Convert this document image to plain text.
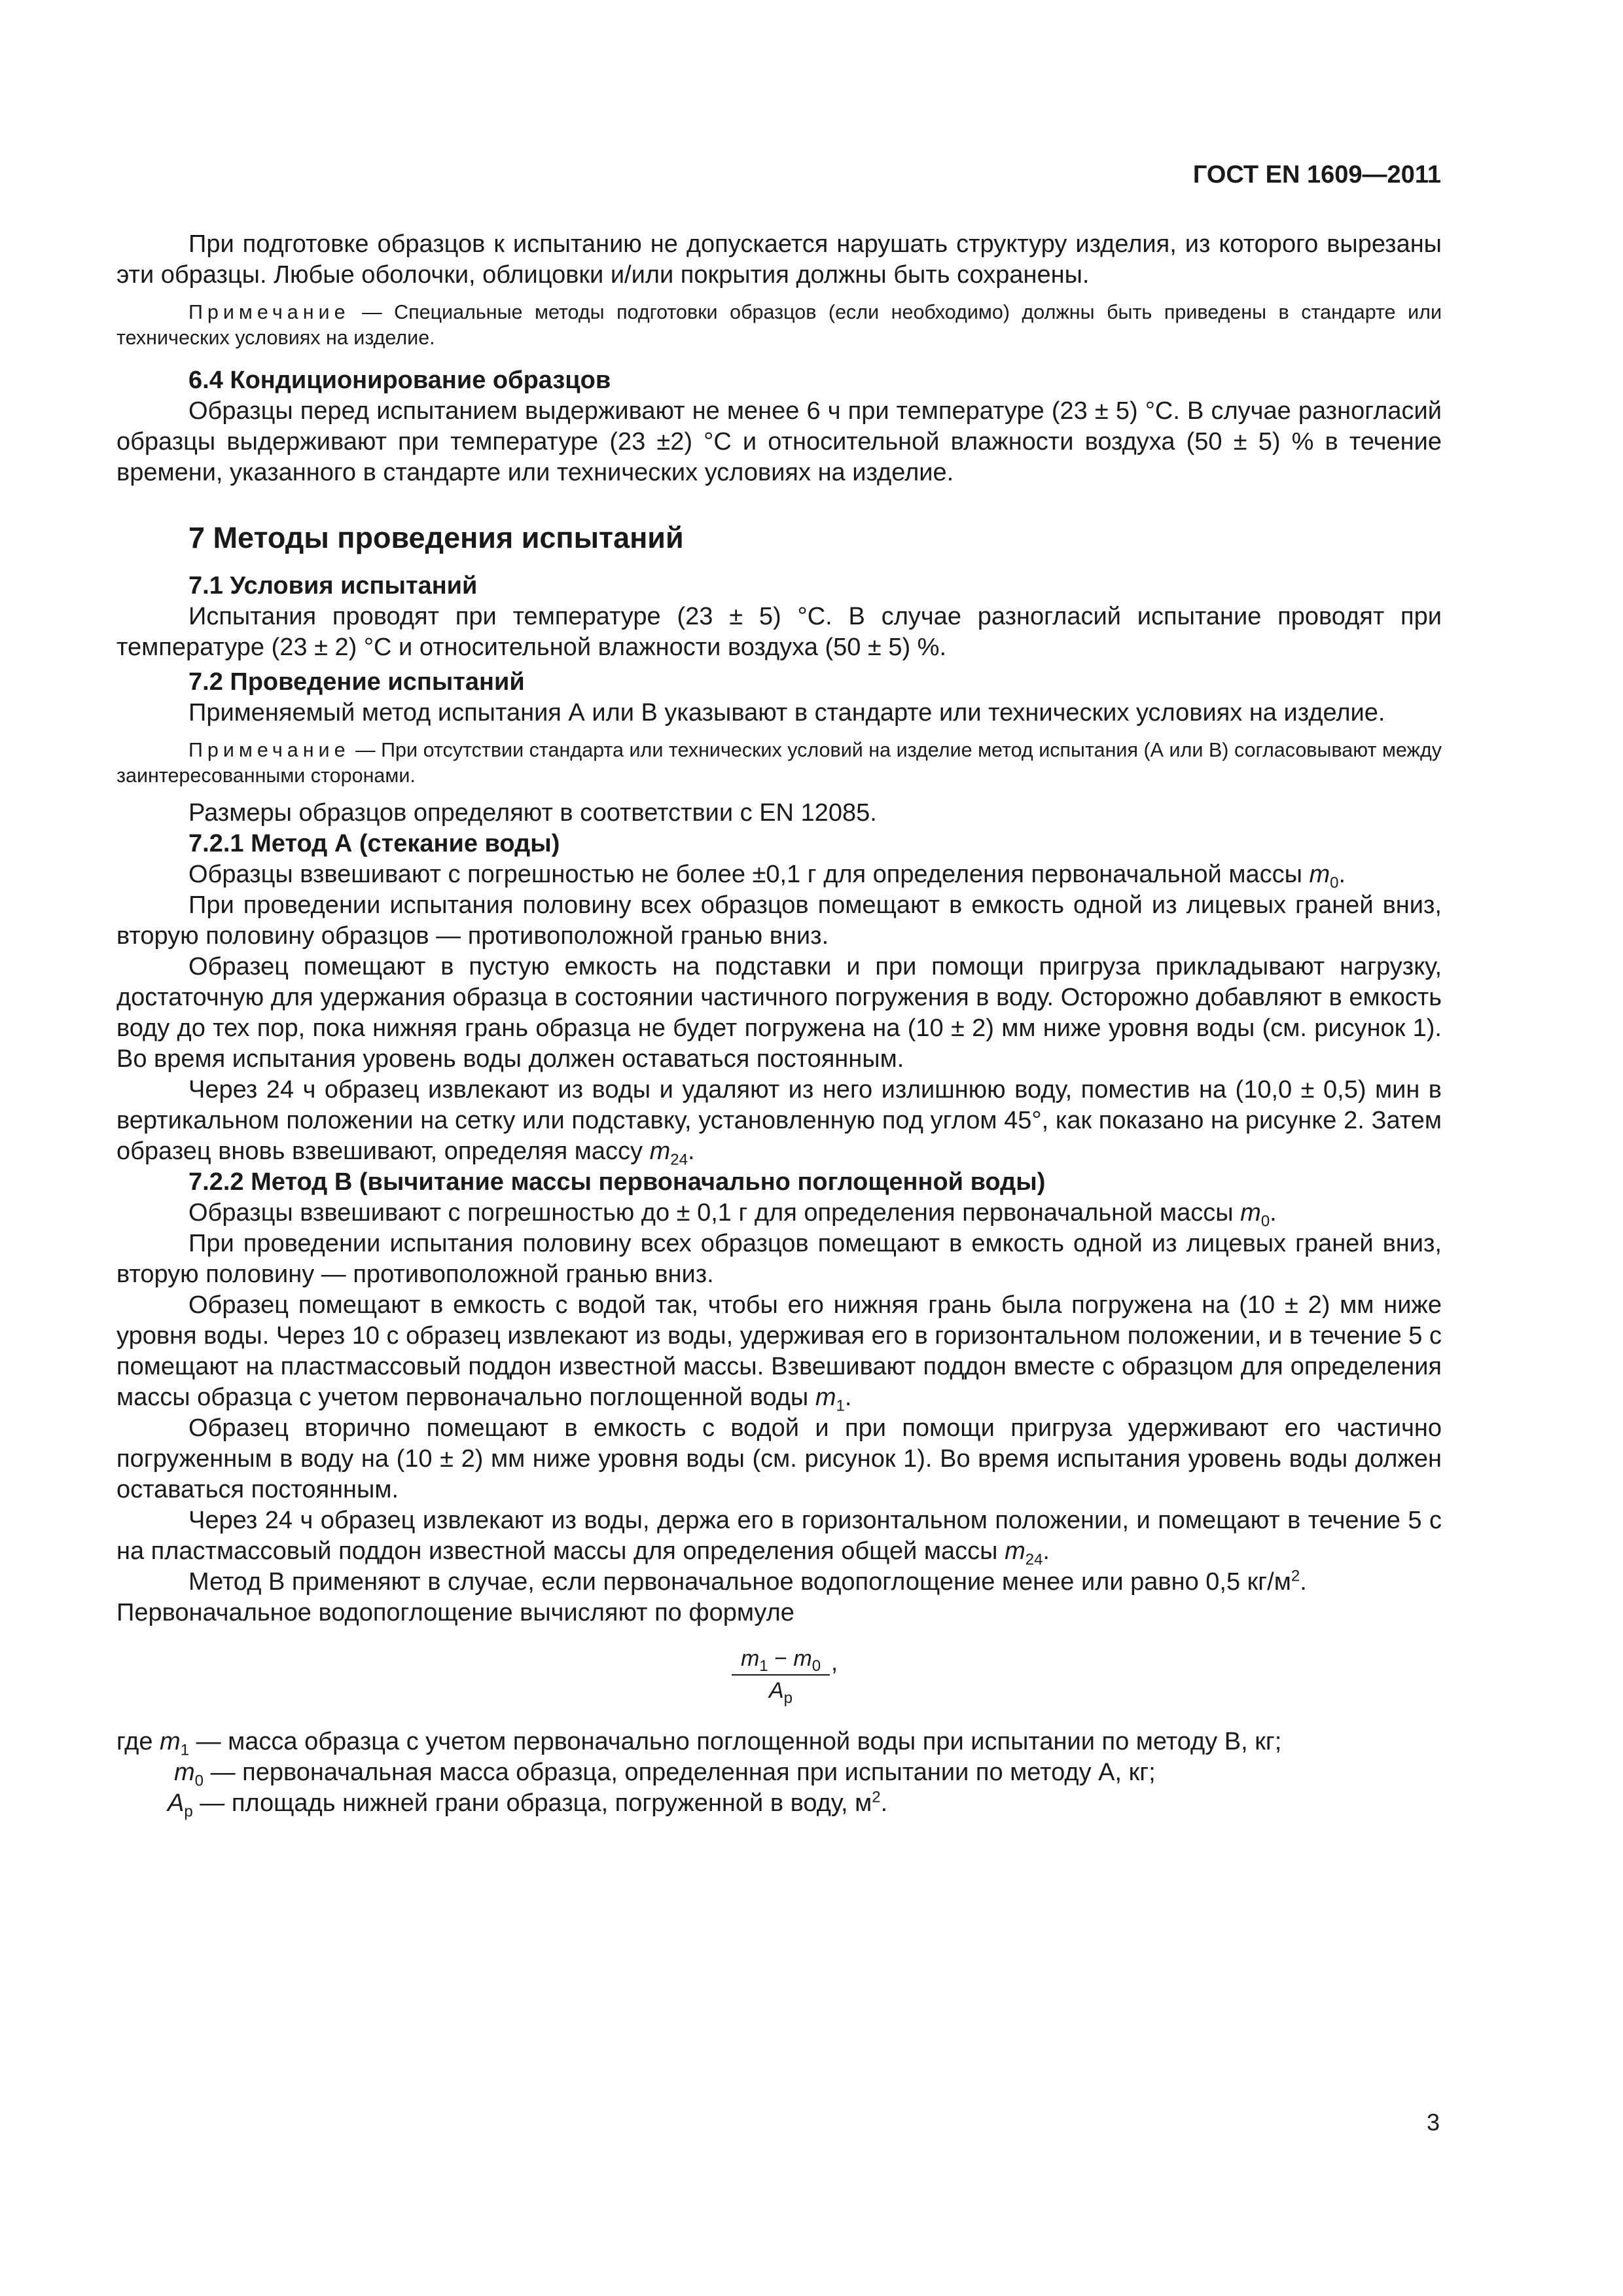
ГОСТ EN 1609—2011

При подготовке образцов к испытанию не допускается нарушать структуру изделия, из которого вырезаны эти образцы. Любые оболочки, облицовки и/или покрытия должны быть сохранены.

Примечание — Специальные методы подготовки образцов (если необходимо) должны быть приведены в стандарте или технических условиях на изделие.

6.4 Кондиционирование образцов

Образцы перед испытанием выдерживают не менее 6 ч при температуре (23 ± 5) °С. В случае разногласий образцы выдерживают при температуре (23 ±2) °С и относительной влажности воздуха (50 ± 5) % в течение времени, указанного в стандарте или технических условиях на изделие.

7 Методы проведения испытаний
7.1 Условия испытаний

Испытания проводят при температуре (23 ± 5) °С. В случае разногласий испытание проводят при температуре (23 ± 2) °С и относительной влажности воздуха (50 ± 5) %.

7.2 Проведение испытаний

Применяемый метод испытания А или В указывают в стандарте или технических условиях на изделие.

Примечание — При отсутствии стандарта или технических условий на изделие метод испытания (А или В) согласовывают между заинтересованными сторонами.

Размеры образцов определяют в соответствии с EN 12085.

7.2.1 Метод А (стекание воды)

Образцы взвешивают с погрешностью не более ±0,1 г для определения первоначальной массы $m_0$.

При проведении испытания половину всех образцов помещают в емкость одной из лицевых граней вниз, вторую половину образцов — противоположной гранью вниз.

Образец помещают в пустую емкость на подставки и при помощи пригруза прикладывают нагрузку, достаточную для удержания образца в состоянии частичного погружения в воду. Осторожно добавляют в емкость воду до тех пор, пока нижняя грань образца не будет погружена на (10 ± 2) мм ниже уровня воды (см. рисунок 1). Во время испытания уровень воды должен оставаться постоянным.

Через 24 ч образец извлекают из воды и удаляют из него излишнюю воду, поместив на (10,0 ± 0,5) мин в вертикальном положении на сетку или подставку, установленную под углом 45°, как показано на рисунке 2. Затем образец вновь взвешивают, определяя массу $m_{24}$.

7.2.2 Метод В (вычитание массы первоначально поглощенной воды)

Образцы взвешивают с погрешностью до ± 0,1 г для определения первоначальной массы $m_0$.

При проведении испытания половину всех образцов помещают в емкость одной из лицевых граней вниз, вторую половину — противоположной гранью вниз.

Образец помещают в емкость с водой так, чтобы его нижняя грань была погружена на (10 ± 2) мм ниже уровня воды. Через 10 с образец извлекают из воды, удерживая его в горизонтальном положении, и в течение 5 с помещают на пластмассовый поддон известной массы. Взвешивают поддон вместе с образцом для определения массы образца с учетом первоначально поглощенной воды $m_1$.

Образец вторично помещают в емкость с водой и при помощи пригруза удерживают его частично погруженным в воду на (10 ± 2) мм ниже уровня воды (см. рисунок 1). Во время испытания уровень воды должен оставаться постоянным.

Через 24 ч образец извлекают из воды, держа его в горизонтальном положении, и помещают в течение 5 с на пластмассовый поддон известной массы для определения общей массы $m_{24}$.

Метод В применяют в случае, если первоначальное водопоглощение менее или равно 0,5 $кг/м^2$.

Первоначальное водопоглощение вычисляют по формуле

$\frac{m_1 - m_0}{A_p}$ ,

где $m_1$ — масса образца с учетом первоначально поглощенной воды при испытании по методу В, кг;

$m_0$ — первоначальная масса образца, определенная при испытании по методу А, кг;

$A_p$ — площадь нижней грани образца, погруженной в воду, $м^2$.

3
